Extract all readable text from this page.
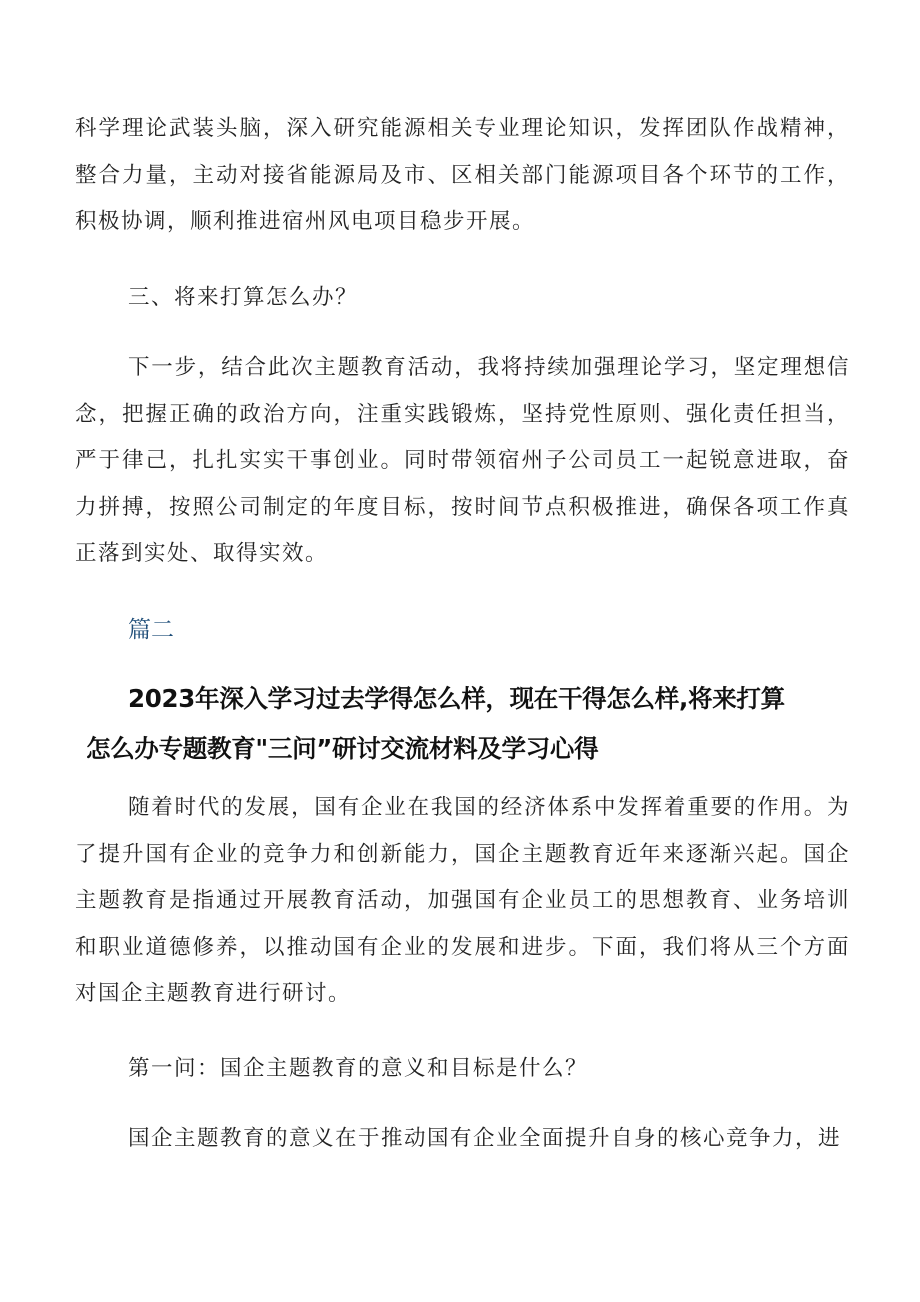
科学理论武装头脑，深入研究能源相关专业理论知识，发挥团队作战精神，整合力量，主动对接省能源局及市、区相关部门能源项目各个环节的工作，积极协调，顺利推进宿州风电项目稳步开展。

三、将来打算怎么办？

下一步，结合此次主题教育活动，我将持续加强理论学习，坚定理想信念，把握正确的政治方向，注重实践锻炼，坚持党性原则、强化责任担当，严于律己，扎扎实实干事创业。同时带领宿州子公司员工一起锐意进取，奋力拼搏，按照公司制定的年度目标，按时间节点积极推进，确保各项工作真正落到实处、取得实效。

篇二

2023年深入学习过去学得怎么样，现在干得怎么样,将来打算
怎么办专题教育"三问”研讨交流材料及学习心得

随着时代的发展，国有企业在我国的经济体系中发挥着重要的作用。为了提升国有企业的竞争力和创新能力，国企主题教育近年来逐渐兴起。国企主题教育是指通过开展教育活动，加强国有企业员工的思想教育、业务培训和职业道德修养，以推动国有企业的发展和进步。下面，我们将从三个方面对国企主题教育进行研讨。

第一问：国企主题教育的意义和目标是什么？

国企主题教育的意义在于推动国有企业全面提升自身的核心竞争力，进
